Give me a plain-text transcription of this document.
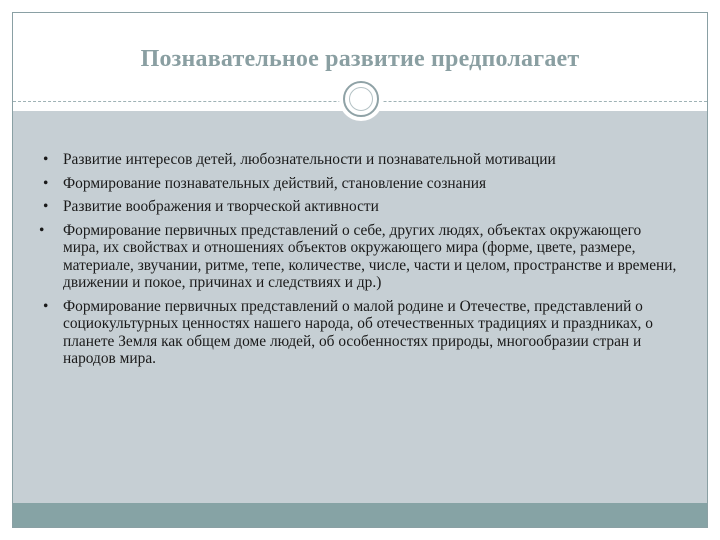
Познавательное развитие предполагает
• Развитие интересов детей, любознательности и познавательной мотивации
• Формирование познавательных действий, становление сознания
• Развитие воображения и творческой активности
• Формирование первичных представлений о себе, других людях, объектах окружающего мира, их свойствах и отношениях объектов окружающего мира (форме, цвете, размере, материале, звучании, ритме, тепе, количестве, числе, части и целом, пространстве и времени, движении и покое, причинах и следствиях и др.)
• Формирование первичных представлений о малой родине и Отечестве, представлений о социокультурных ценностях нашего народа, об отечественных традициях и праздниках, о планете Земля как общем доме людей, об особенностях природы, многообразии стран и народов мира.
